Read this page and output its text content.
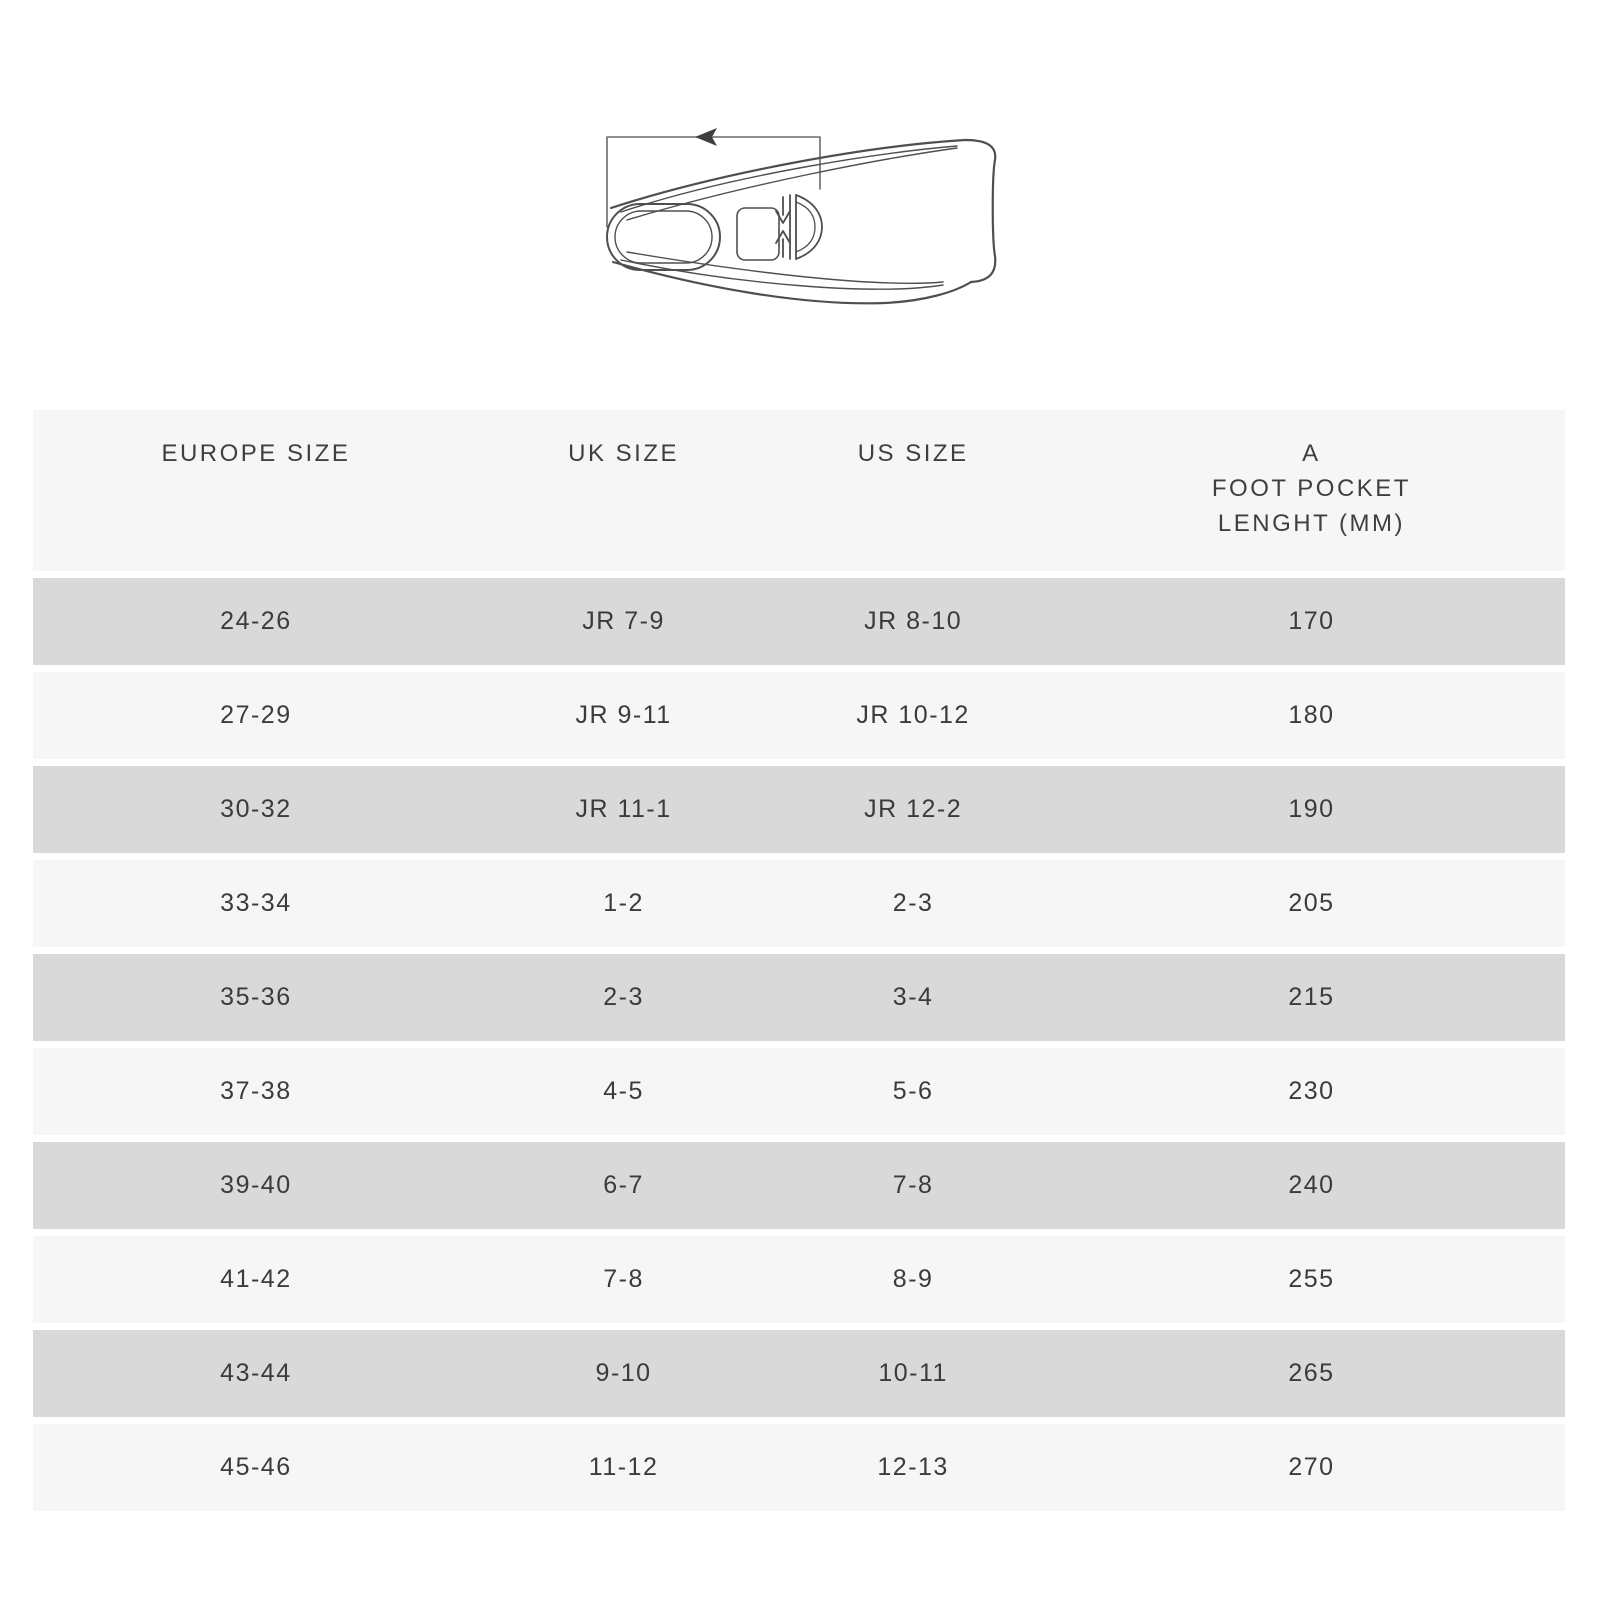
EUROPE SIZE	UK SIZE	US SIZE	A
FOOT POCKET
LENGHT (MM)
24-26	JR 7-9	JR 8-10	170
27-29	JR 9-11	JR 10-12	180
30-32	JR 11-1	JR 12-2	190
33-34	1-2	2-3	205
35-36	2-3	3-4	215
37-38	4-5	5-6	230
39-40	6-7	7-8	240
41-42	7-8	8-9	255
43-44	9-10	10-11	265
45-46	11-12	12-13	270
